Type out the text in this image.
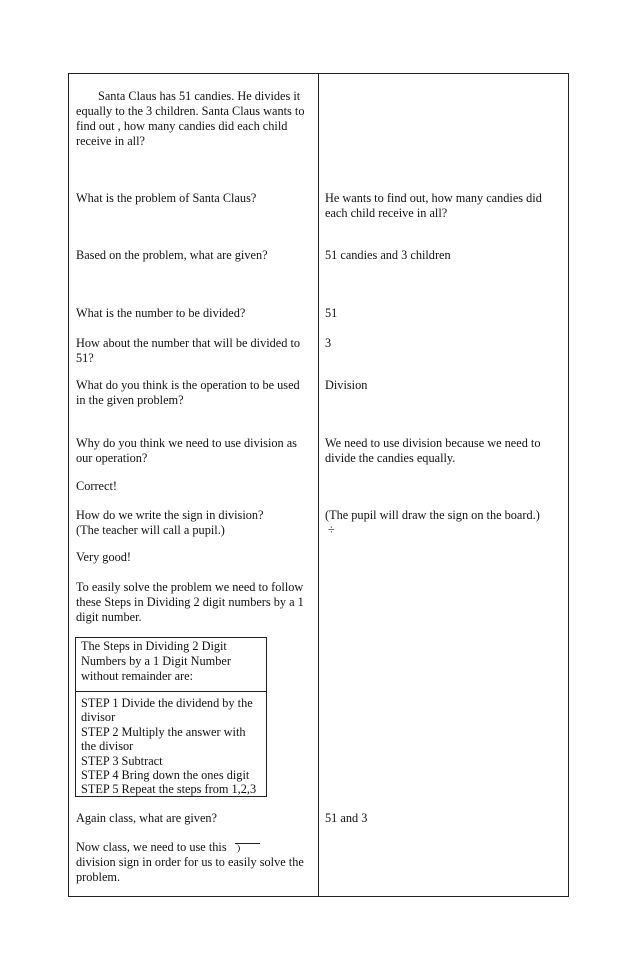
Santa Claus has 51 candies. He divides it
equally to the 3 children. Santa Claus wants to
find out , how many candies did each child
receive in all?
What is the problem of Santa Claus?
Based on the problem, what are given?
What is the number to be divided?
How about the number that will be divided to
51?
What do you think is the operation to be used
in the given problem?
Why do you think we need to use division as
our operation?
Correct!
How do we write the sign in division?
(The teacher will call a pupil.)
Very good!
To easily solve the problem we need to follow
these Steps in Dividing 2 digit numbers by a 1
digit number.
The Steps in Dividing 2 Digit
Numbers by a 1 Digit Number
without remainder are:
STEP 1 Divide the dividend by the
divisor
STEP 2 Multiply the answer with
the divisor
STEP 3 Subtract
STEP 4 Bring down the ones digit
STEP 5 Repeat the steps from 1,2,3
Again class, what are given?
Now class, we need to use this
division sign in order for us to easily solve the
problem.
He wants to find out, how many candies did
each child receive in all?
51 candies and 3 children
51
3
Division
We need to use division because we need to
divide the candies equally.
(The pupil will draw the sign on the board.)
÷
51 and 3
